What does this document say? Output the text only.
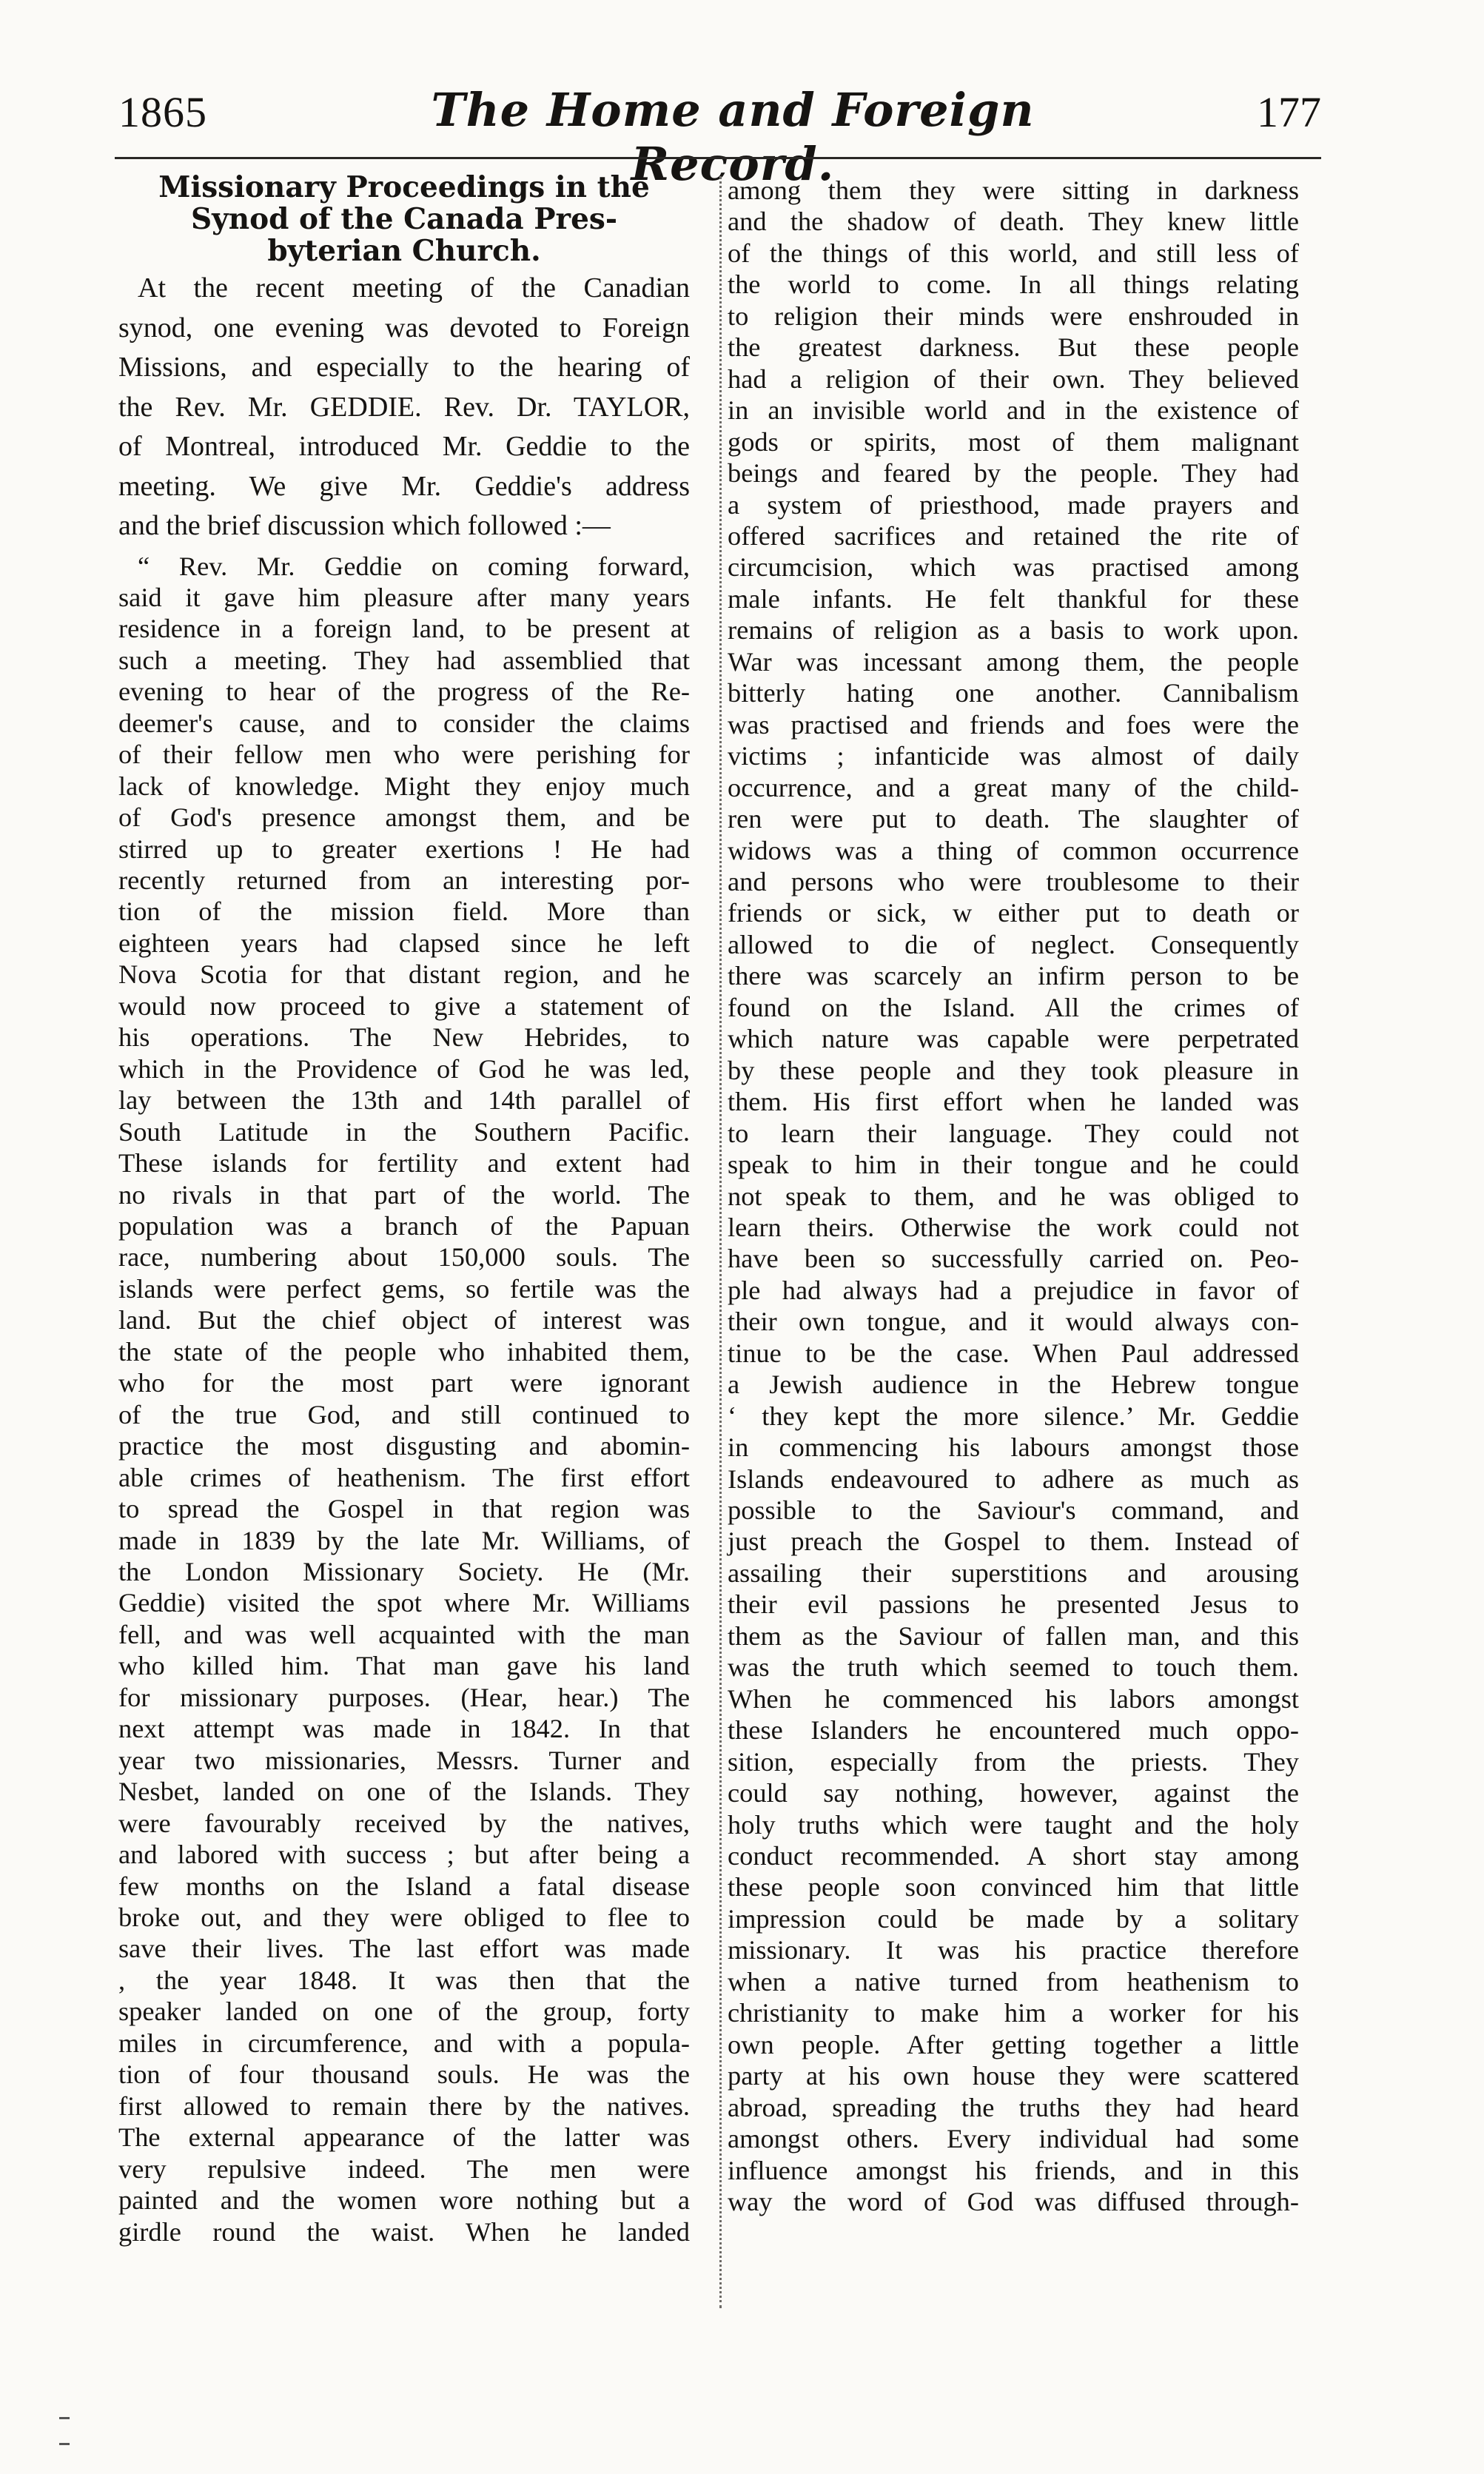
1865	The Home and Foreign Record.
177
Missionary Proceedings in the
Synod of the Canada Pres-
byterian Church.
At the recent meeting of the Canadian
synod, one evening was devoted to Foreign
Missions, and especially to the hearing of
the Rev. Mr. GEDDIE. Rev. Dr. TAYLOR,
of Montreal, introduced Mr. Geddie to the
meeting. We give Mr. Geddie's address
and the brief discussion which followed :—
“ Rev. Mr. Geddie on coming forward,
said it gave him pleasure after many years
residence in a foreign land, to be present at
such a meeting. They had assemblied that
evening to hear of the progress of the Re-
deemer's cause, and to consider the claims
of their fellow men who were perishing for
lack of knowledge. Might they enjoy much
of God's presence amongst them, and be
stirred up to greater exertions ! He had
recently returned from an interesting por-
tion of the mission field. More than
eighteen years had clapsed since he left
Nova Scotia for that distant region, and he
would now proceed to give a statement of
his operations. The New Hebrides, to
which in the Providence of God he was led,
lay between the 13th and 14th parallel of
South Latitude in the Southern Pacific.
These islands for fertility and extent had
no rivals in that part of the world. The
population was a branch of the Papuan
race, numbering about 150,000 souls. The
islands were perfect gems, so fertile was the
land. But the chief object of interest was
the state of the people who inhabited them,
who for the most part were ignorant
of the true God, and still continued to
practice the most disgusting and abomin-
able crimes of heathenism. The first effort
to spread the Gospel in that region was
made in 1839 by the late Mr. Williams, of
the London Missionary Society. He (Mr.
Geddie) visited the spot where Mr. Williams
fell, and was well acquainted with the man
who killed him. That man gave his land
for missionary purposes. (Hear, hear.) The
next attempt was made in 1842. In that
year two missionaries, Messrs. Turner and
Nesbet, landed on one of the Islands. They
were favourably received by the natives,
and labored with success ; but after being a
few months on the Island a fatal disease
broke out, and they were obliged to flee to
save their lives. The last effort was made
, the year 1848. It was then that the
speaker landed on one of the group, forty
miles in circumference, and with a popula-
tion of four thousand souls. He was the
first allowed to remain there by the natives.
The external appearance of the latter was
very repulsive indeed. The men were
painted and the women wore nothing but a
girdle round the waist. When he landed
among them they were sitting in darkness
and the shadow of death. They knew little
of the things of this world, and still less of
the world to come. In all things relating
to religion their minds were enshrouded in
the greatest darkness. But these people
had a religion of their own. They believed
in an invisible world and in the existence of
gods or spirits, most of them malignant
beings and feared by the people. They had
a system of priesthood, made prayers and
offered sacrifices and retained the rite of
circumcision, which was practised among
male infants. He felt thankful for these
remains of religion as a basis to work upon.
War was incessant among them, the people
bitterly hating one another. Cannibalism
was practised and friends and foes were the
victims ; infanticide was almost of daily
occurrence, and a great many of the child-
ren were put to death. The slaughter of
widows was a thing of common occurrence
and persons who were troublesome to their
friends or sick, w either put to death or
allowed to die of neglect. Consequently
there was scarcely an infirm person to be
found on the Island. All the crimes of
which nature was capable were perpetrated
by these people and they took pleasure in
them. His first effort when he landed was
to learn their language. They could not
speak to him in their tongue and he could
not speak to them, and he was obliged to
learn theirs. Otherwise the work could not
have been so successfully carried on. Peo-
ple had always had a prejudice in favor of
their own tongue, and it would always con-
tinue to be the case. When Paul addressed
a Jewish audience in the Hebrew tongue
‘ they kept the more silence.’ Mr. Geddie
in commencing his labours amongst those
Islands endeavoured to adhere as much as
possible to the Saviour's command, and
just preach the Gospel to them. Instead of
assailing their superstitions and arousing
their evil passions he presented Jesus to
them as the Saviour of fallen man, and this
was the truth which seemed to touch them.
When he commenced his labors amongst
these Islanders he encountered much oppo-
sition, especially from the priests. They
could say nothing, however, against the
holy truths which were taught and the holy
conduct recommended. A short stay among
these people soon convinced him that little
impression could be made by a solitary
missionary. It was his practice therefore
when a native turned from heathenism to
christianity to make him a worker for his
own people. After getting together a little
party at his own house they were scattered
abroad, spreading the truths they had heard
amongst others. Every individual had some
influence amongst his friends, and in this
way the word of God was diffused through-
